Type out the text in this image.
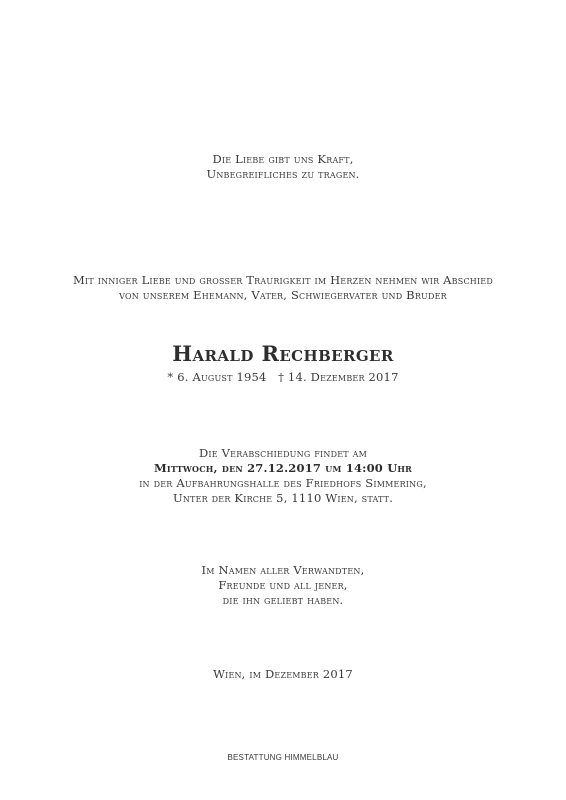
Die Liebe gibt uns Kraft,
Unbegreifliches zu tragen.
Mit inniger Liebe und grosser Traurigkeit im Herzen nehmen wir Abschied
von unserem Ehemann, Vater, Schwiegervater und Bruder
Harald Rechberger
* 6. August 1954   † 14. Dezember 2017
Die Verabschiedung findet am
Mittwoch, den 27.12.2017 um 14:00 Uhr
in der Aufbahrungshalle des Friedhofs Simmering,
Unter der Kirche 5, 1110 Wien, statt.
Im Namen aller Verwandten,
Freunde und all jener,
die ihn geliebt haben.
Wien, im Dezember 2017
BESTATTUNG HIMMELBLAU
